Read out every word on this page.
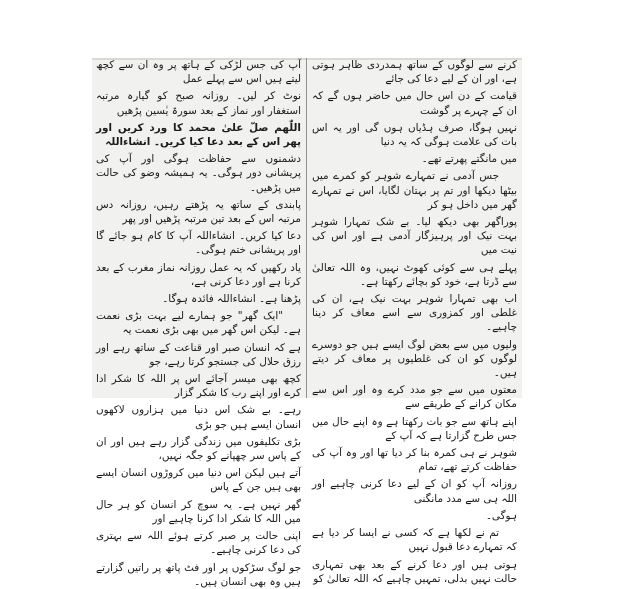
آپ کی جس لڑکی کے ہاتھ پر وہ ان سے کچھ لیتے ہیں اس سے پہلے عمل

نوٹ کر لیں۔ روزانہ صبح کو گیارہ مرتبہ استغفار اور نماز کے بعد سورۃ یٰسین پڑھیں

اللّٰھم صلّ علیٰ محمد کا ورد کریں اور پھر اس کے بعد دعا کیا کریں۔ انشاءاللہ

دشمنوں سے حفاظت ہوگی اور آپ کی پریشانی دور ہوگی۔ یہ ہمیشہ وضو کی حالت میں پڑھیں۔

پابندی کے ساتھ یہ پڑھتے رہیں، روزانہ دس مرتبہ اس کے بعد تین مرتبہ پڑھیں اور پھر

دعا کیا کریں۔ انشاءاللہ آپ کا کام ہو جائے گا اور پریشانی ختم ہوگی۔

یاد رکھیں کہ یہ عمل روزانہ نماز مغرب کے بعد کرنا ہے اور دعا کرنی ہے،

پڑھنا ہے۔ انشاءاللہ فائدہ ہوگا۔

"ایک گھر" جو ہمارے لیے بہت بڑی نعمت ہے۔ لیکن اس گھر میں بھی بڑی نعمت یہ

ہے کہ انسان صبر اور قناعت کے ساتھ رہے اور رزق حلال کی جستجو کرتا رہے، جو

کچھ بھی میسر آجائے اس پر اللہ کا شکر ادا کرے اور اپنے رب کا شکر گزار

رہے۔ بے شک اس دنیا میں ہزاروں لاکھوں انسان ایسے ہیں جو بڑی

بڑی تکلیفوں میں زندگی گزار رہے ہیں اور ان کے پاس سر چھپانے کو جگہ نہیں،

آتے ہیں لیکن اس دنیا میں کروڑوں انسان ایسے بھی ہیں جن کے پاس

گھر نہیں ہے۔ یہ سوچ کر انسان کو ہر حال میں اللہ کا شکر ادا کرنا چاہیے اور

اپنی حالت پر صبر کرتے ہوئے اللہ سے بہتری کی دعا کرنی چاہیے۔

جو لوگ سڑکوں پر اور فٹ پاتھ پر راتیں گزارتے ہیں وہ بھی انسان ہیں۔

کرنے سے لوگوں کے ساتھ ہمدردی ظاہر ہوتی ہے، اور ان کے لیے دعا کی جائے

قیامت کے دن اس حال میں حاضر ہوں گے کہ ان کے چہرے پر گوشت

نہیں ہوگا، صرف ہڈیاں ہوں گی اور یہ اس بات کی علامت ہوگی کہ یہ دنیا

میں مانگتے پھرتے تھے۔

جس آدمی نے تمہارے شوہر کو کمرے میں بیٹھا دیکھا اور تم پر بہتان لگایا، اس نے تمہارے گھر میں داخل ہو کر

پوراگھر بھی دیکھ لیا۔ بے شک تمہارا شوہر بہت نیک اور پرہیزگار آدمی ہے اور اس کی نیت میں

پہلے ہی سے کوئی کھوٹ نہیں، وہ اللہ تعالیٰ سے ڈرتا ہے، خود کو بچائے رکھتا ہے۔

اب بھی تمہارا شوہر بہت نیک ہے، ان کی غلطی اور کمزوری سے اسے معاف کر دینا چاہیے۔

ولیوں میں سے بعض لوگ ایسے ہیں جو دوسرے لوگوں کو ان کی غلطیوں پر معاف کر دیتے ہیں۔

معتوں میں سے جو مدد کرے وہ اور اس سے مکان کرانے کے طریقے سے

اپنے ہاتھ سے جو بات رکھتا ہے وہ اپنے حال میں جس طرح گزارتا ہے کہ آپ کے

شوہر نے ہی کمرہ بنا کر دیا تھا اور وہ آپ کی حفاظت کرتے تھے، تمام

روزانہ آپ کو ان کے لیے دعا کرنی چاہیے اور اللہ ہی سے مدد مانگنی

ہوگی۔

تم نے لکھا ہے کہ کسی نے ایسا کر دیا ہے کہ تمہارے دعا قبول نہیں

ہوتی ہیں اور دعا کرنے کے بعد بھی تمہاری حالت نہیں بدلی، تمہیں چاہیے کہ اللہ تعالیٰ کو
